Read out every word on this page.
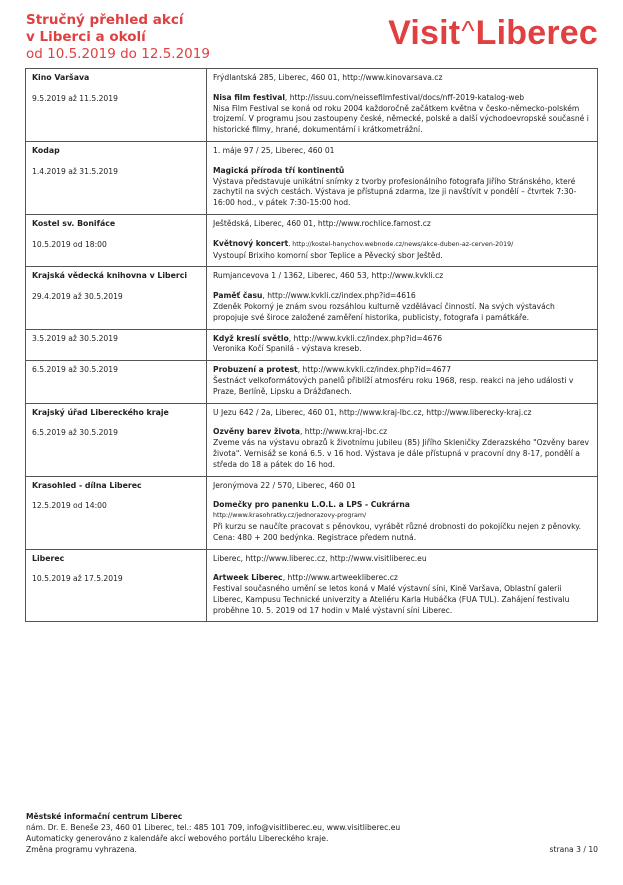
Stručný přehled akcí
v Liberci a okolí
od 10.5.2019 do 12.5.2019
Visit^Liberec
Kino Varšava
9.5.2019 až 11.5.2019	Frýdlantská 285, Liberec, 460 01, http://www.kinovarsava.cz
Nisa film festival, http://issuu.com/neissefilmfestival/docs/nff-2019-katalog-web
Nisa Film Festival se koná od roku 2004 každoročně začátkem května v česko-německo-polském trojzemí. V programu jsou zastoupeny české, německé, polské a další východoevropské současné i historické filmy, hrané, dokumentární i krátkometrážní.

Kodap
1.4.2019 až 31.5.2019	1. máje 97 / 25, Liberec, 460 01
Magická příroda tří kontinentů
Výstava představuje unikátní snímky z tvorby profesionálního fotografa Jiřího Stránského, které zachytil na svých cestách. Výstava je přístupná zdarma, lze ji navštívit v pondělí – čtvrtek 7:30-16:00 hod., v pátek 7:30-15:00 hod.

Kostel sv. Bonifáce
10.5.2019 od 18:00	Ještědská, Liberec, 460 01, http://www.rochlice.farnost.cz
Květnový koncert, http://kostel-hanychov.webnode.cz/news/akce-duben-az-cerven-2019/
Vystoupí Brixiho komorní sbor Teplice a Pěvecký sbor Ještěd.

Krajská vědecká knihovna v Liberci
29.4.2019 až 30.5.2019	Rumjancevova 1 / 1362, Liberec, 460 53, http://www.kvkli.cz
Paměť času, http://www.kvkli.cz/index.php?id=4616
Zdeněk Pokorný je znám svou rozsáhlou kulturně vzdělávací činností. Na svých výstavách propojuje své široce založené zaměření historika, publicisty, fotografa i památkáře.

3.5.2019 až 30.5.2019	Když kreslí světlo, http://www.kvkli.cz/index.php?id=4676
Veronika Kočí Spanilá - výstava kreseb.

6.5.2019 až 30.5.2019	Probuzení a protest, http://www.kvkli.cz/index.php?id=4677
Šestnáct velkoformátových panelů přiblíží atmosféru roku 1968, resp. reakci na jeho události v Praze, Berlíně, Lipsku a Drážďanech.

Krajský úřad Libereckého kraje
6.5.2019 až 30.5.2019	U Jezu 642 / 2a, Liberec, 460 01, http://www.kraj-lbc.cz, http://www.liberecky-kraj.cz
Ozvěny barev života, http://www.kraj-lbc.cz
Zveme vás na výstavu obrazů k životnímu jubileu (85) Jiřího Skleničky Zderazského "Ozvěny barev života". Vernisáž se koná 6.5. v 16 hod. Výstava je dále přístupná v pracovní dny 8-17, pondělí a středa do 18 a pátek do 16 hod.

Krasohled - dílna Liberec
12.5.2019 od 14:00	Jeronýmova 22 / 570, Liberec, 460 01
Domečky pro panenku L.O.L. a LPS - Cukrárna
http://www.krasohratky.cz/jednorazovy-program/
Při kurzu se naučíte pracovat s pěnovkou, vyrábět různé drobnosti do pokojíčku nejen z pěnovky. Cena: 480 + 200 bedýnka. Registrace předem nutná.

Liberec
10.5.2019 až 17.5.2019	Liberec, http://www.liberec.cz, http://www.visitliberec.eu
Artweek Liberec, http://www.artweekliberec.cz
Festival současného umění se letos koná v Malé výstavní síni, Kině Varšava, Oblastní galerii Liberec, Kampusu Technické univerzity a Ateliéru Karla Hubáčka (FUA TUL). Zahájení festivalu proběhne 10. 5. 2019 od 17 hodin v Malé výstavní síni Liberec.
Městské informační centrum Liberec
nám. Dr. E. Beneše 23, 460 01 Liberec, tel.: 485 101 709, info@visitliberec.eu, www.visitliberec.eu
Automaticky generováno z kalendáře akcí webového portálu Libereckého kraje.
Změna programu vyhrazena.	strana 3 / 10
